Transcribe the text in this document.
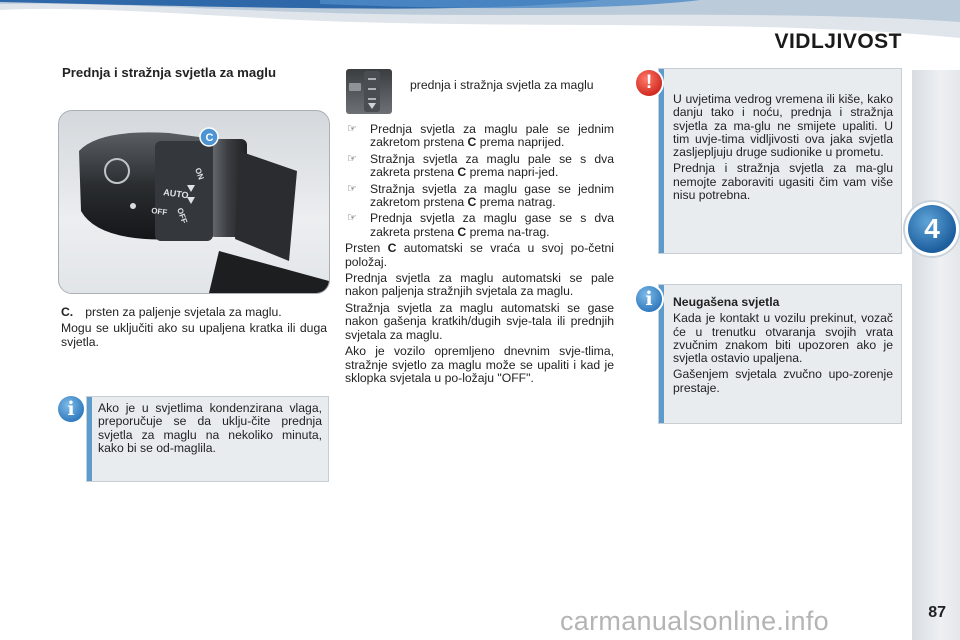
VIDLJIVOST
4
Prednja i stražnja svjetla za maglu
AUTO
OFF
ON
OFF
C

C. prsten za paljenje svjetala za maglu.

Mogu se uključiti ako su upaljena kratka ili duga svjetla.

Ako je u svjetlima kondenzirana vlaga, preporučuje se da uklju-čite prednja svjetla za maglu na nekoliko minuta, kako bi se od-maglila.
i
prednja i stražnja svjetla za maglu
☞ Prednja svjetla za maglu pale se jednim zakretom prstena C prema naprijed.
☞ Stražnja svjetla za maglu pale se s dva zakreta prstena C prema napri-jed.
☞ Stražnja svjetla za maglu gase se jednim zakretom prstena C prema natrag.
☞ Prednja svjetla za maglu gase se s dva zakreta prstena C prema na-trag.

Prsten C automatski se vraća u svoj po-četni položaj.

Prednja svjetla za maglu automatski se pale nakon paljenja stražnjih svjetala za maglu.

Stražnja svjetla za maglu automatski se gase nakon gašenja kratkih/dugih svje-tala ili prednjih svjetala za maglu.

Ako je vozilo opremljeno dnevnim svje-tlima, stražnje svjetlo za maglu može se upaliti i kad je sklopka svjetala u po-ložaju "OFF".

U uvjetima vedrog vremena ili kiše, kako danju tako i noću, prednja i stražnja svjetla za ma-glu ne smijete upaliti. U tim uvje-tima vidljivosti ova jaka svjetla zasljepljuju druge sudionike u prometu.

Prednja i stražnja svjetla za ma-glu nemojte zaboraviti ugasiti čim vam više nisu potrebna.

!

Neugašena svjetla

Kada je kontakt u vozilu prekinut, vozač će u trenutku otvaranja svojih vrata zvučnim znakom biti upozoren ako je svjetla ostavio upaljena.

Gašenjem svjetala zvučno upo-zorenje prestaje.

i
carmanualsonline.info	87
